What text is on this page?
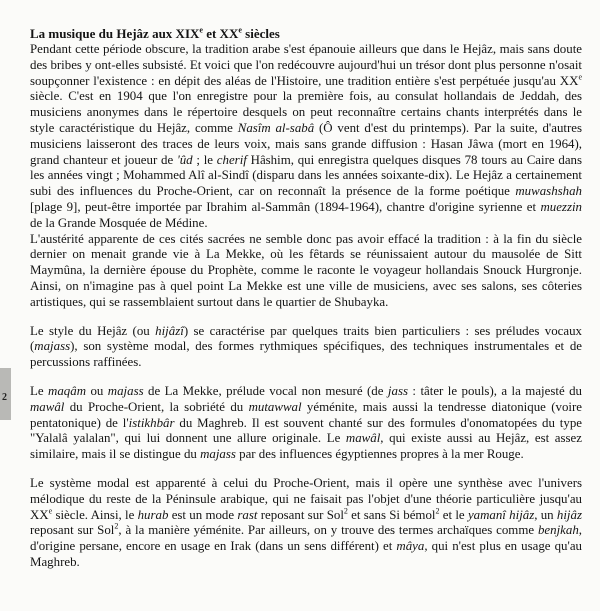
2
La musique du Hejâz aux XIXe et XXe siècles

Pendant cette période obscure, la tradition arabe s'est épanouie ailleurs que dans le Hejâz, mais sans doute des bribes y ont-elles subsisté. Et voici que l'on redécouvre aujourd'hui un trésor dont plus personne n'osait soupçonner l'existence : en dépit des aléas de l'Histoire, une tradition entière s'est perpétuée jusqu'au XXe siècle. C'est en 1904 que l'on enregistre pour la première fois, au consulat hollandais de Jeddah, des musiciens anonymes dans le répertoire desquels on peut reconnaître certains chants interprétés dans le style caractéristique du Hejâz, comme Nasîm al-sabâ (Ô vent d'est du printemps). Par la suite, d'autres musiciens laisseront des traces de leurs voix, mais sans grande diffusion : Hasan Jâwa (mort en 1964), grand chanteur et joueur de 'ûd ; le cherif Hâshim, qui enregistra quelques disques 78 tours au Caire dans les années vingt ; Mohammed Alî al-Sindî (disparu dans les années soixante-dix). Le Hejâz a certainement subi des influences du Proche-Orient, car on reconnaît la présence de la forme poétique muwashshah [plage 9], peut-être importée par Ibrahim al-Sammân (1894-1964), chantre d'origine syrienne et muezzin de la Grande Mosquée de Médine.
L'austérité apparente de ces cités sacrées ne semble donc pas avoir effacé la tradition : à la fin du siècle dernier on menait grande vie à La Mekke, où les fêtards se réunissaient autour du mausolée de Sitt Maymûna, la dernière épouse du Prophète, comme le raconte le voyageur hollandais Snouck Hurgronje. Ainsi, on n'imagine pas à quel point La Mekke est une ville de musiciens, avec ses salons, ses côteries artistiques, qui se rassemblaient surtout dans le quartier de Shubayka.

Le style du Hejâz (ou hijâzî) se caractérise par quelques traits bien particuliers : ses préludes vocaux (majass), son système modal, des formes rythmiques spécifiques, des techniques instrumentales et de percussions raffinées.

Le maqâm ou majass de La Mekke, prélude vocal non mesuré (de jass : tâter le pouls), a la majesté du mawâl du Proche-Orient, la sobriété du mutawwal yéménite, mais aussi la tendresse diatonique (voire pentatonique) de l'istikhbâr du Maghreb. Il est souvent chanté sur des formules d'onomatopées du type "Yalalâ yalalan", qui lui donnent une allure originale. Le mawâl, qui existe aussi au Hejâz, est assez similaire, mais il se distingue du majass par des influences égyptiennes propres à la mer Rouge.

Le système modal est apparenté à celui du Proche-Orient, mais il opère une synthèse avec l'univers mélodique du reste de la Péninsule arabique, qui ne faisait pas l'objet d'une théorie particulière jusqu'au XXe siècle. Ainsi, le hurab est un mode rast reposant sur Sol$^2$ et sans Si bémol$^2$ et le yamanî hijâz, un hijâz reposant sur Sol$^2$, à la manière yéménite. Par ailleurs, on y trouve des termes archaïques comme benjkah, d'origine persane, encore en usage en Irak (dans un sens différent) et mâya, qui n'est plus en usage qu'au Maghreb.
